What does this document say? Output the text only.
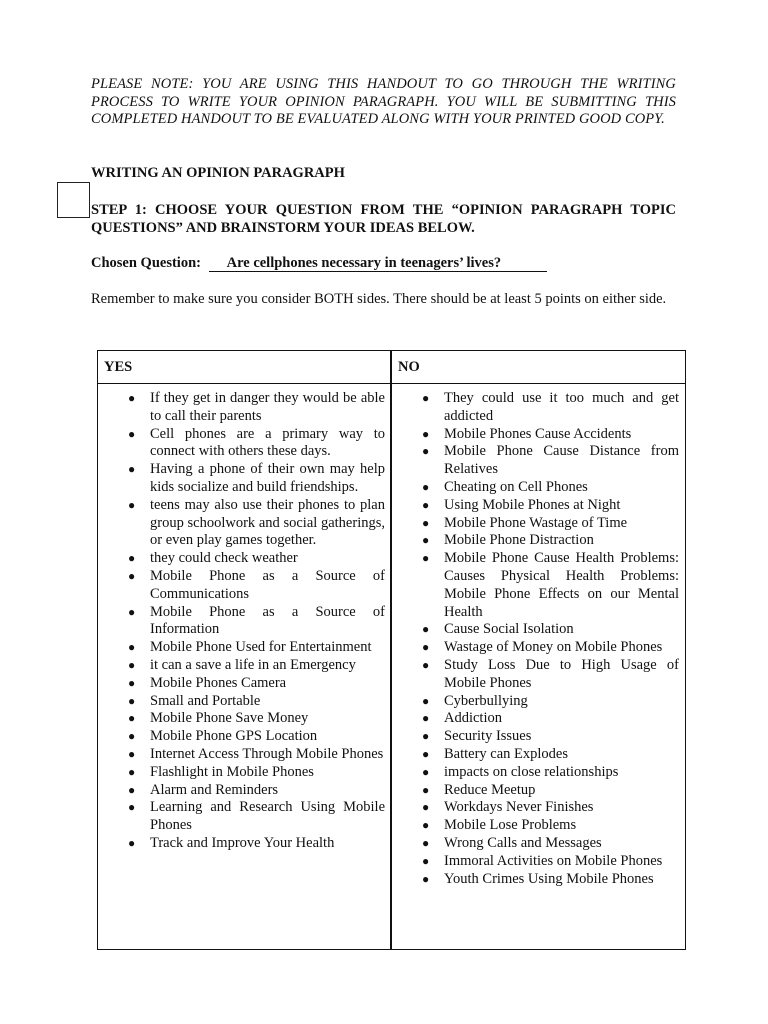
PLEASE NOTE: YOU ARE USING THIS HANDOUT TO GO THROUGH THE WRITING PROCESS TO WRITE YOUR OPINION PARAGRAPH. YOU WILL BE SUBMITTING THIS COMPLETED HANDOUT TO BE EVALUATED ALONG WITH YOUR PRINTED GOOD COPY.

WRITING AN OPINION PARAGRAPH

STEP 1: CHOOSE YOUR QUESTION FROM THE “OPINION PARAGRAPH TOPIC QUESTIONS” AND BRAINSTORM YOUR IDEAS BELOW.

Chosen Question: Are cellphones necessary in teenagers’ lives?

Remember to make sure you consider BOTH sides. There should be at least 5 points on either side.

YES	NO
● If they get in danger they would be able to call their parents
● Cell phones are a primary way to connect with others these days.
● Having a phone of their own may help kids socialize and build friendships.
● teens may also use their phones to plan group schoolwork and social gatherings, or even play games together.
● they could check weather
● Mobile Phone as a Source of Communications
● Mobile Phone as a Source of Information
● Mobile Phone Used for Entertainment
● it can a save a life in an Emergency
● Mobile Phones Camera
● Small and Portable
● Mobile Phone Save Money
● Mobile Phone GPS Location
● Internet Access Through Mobile Phones
● Flashlight in Mobile Phones
● Alarm and Reminders
● Learning and Research Using Mobile Phones
● Track and Improve Your Health
● They could use it too much and get addicted
● Mobile Phones Cause Accidents
● Mobile Phone Cause Distance from Relatives
● Cheating on Cell Phones
● Using Mobile Phones at Night
● Mobile Phone Wastage of Time
● Mobile Phone Distraction
● Mobile Phone Cause Health Problems: Causes Physical Health Problems: Mobile Phone Effects on our Mental Health
● Cause Social Isolation
● Wastage of Money on Mobile Phones
● Study Loss Due to High Usage of Mobile Phones
● Cyberbullying
● Addiction
● Security Issues
● Battery can Explodes
● impacts on close relationships
● Reduce Meetup
● Workdays Never Finishes
● Mobile Lose Problems
● Wrong Calls and Messages
● Immoral Activities on Mobile Phones
● Youth Crimes Using Mobile Phones
